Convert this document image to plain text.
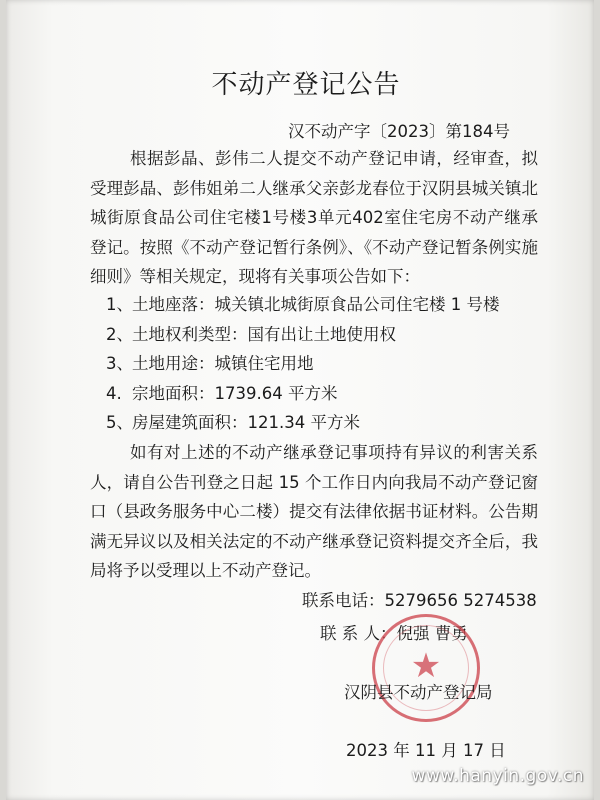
不动产登记公告
汉不动产字〔2023〕第184号
根据彭晶、彭伟二人提交不动产登记申请，经审查，拟受理彭晶、彭伟姐弟二人继承父亲彭龙春位于汉阴县城关镇北城街原食品公司住宅楼1号楼3单元402室住宅房不动产继承登记。按照《不动产登记暂行条例》、《不动产登记暂条例实施细则》等相关规定，现将有关事项公告如下：
1、土地座落：城关镇北城街原食品公司住宅楼 1 号楼
2、土地权利类型：国有出让土地使用权
3、土地用途：城镇住宅用地
4. 宗地面积：1739.64 平方米
5、房屋建筑面积：121.34 平方米
如有对上述的不动产继承登记事项持有异议的利害关系人，请自公告刊登之日起 15 个工作日内向我局不动产登记窗口（县政务服务中心二楼）提交有法律依据书证材料。公告期满无异议以及相关法定的不动产继承登记资料提交齐全后，我局将予以受理以上不动产登记。
联系电话：5279656 5274538
联 系 人：倪强 曹勇
★
汉阴县不动产登记局
2023 年 11 月 17 日
www.hanyin.gov.cn
